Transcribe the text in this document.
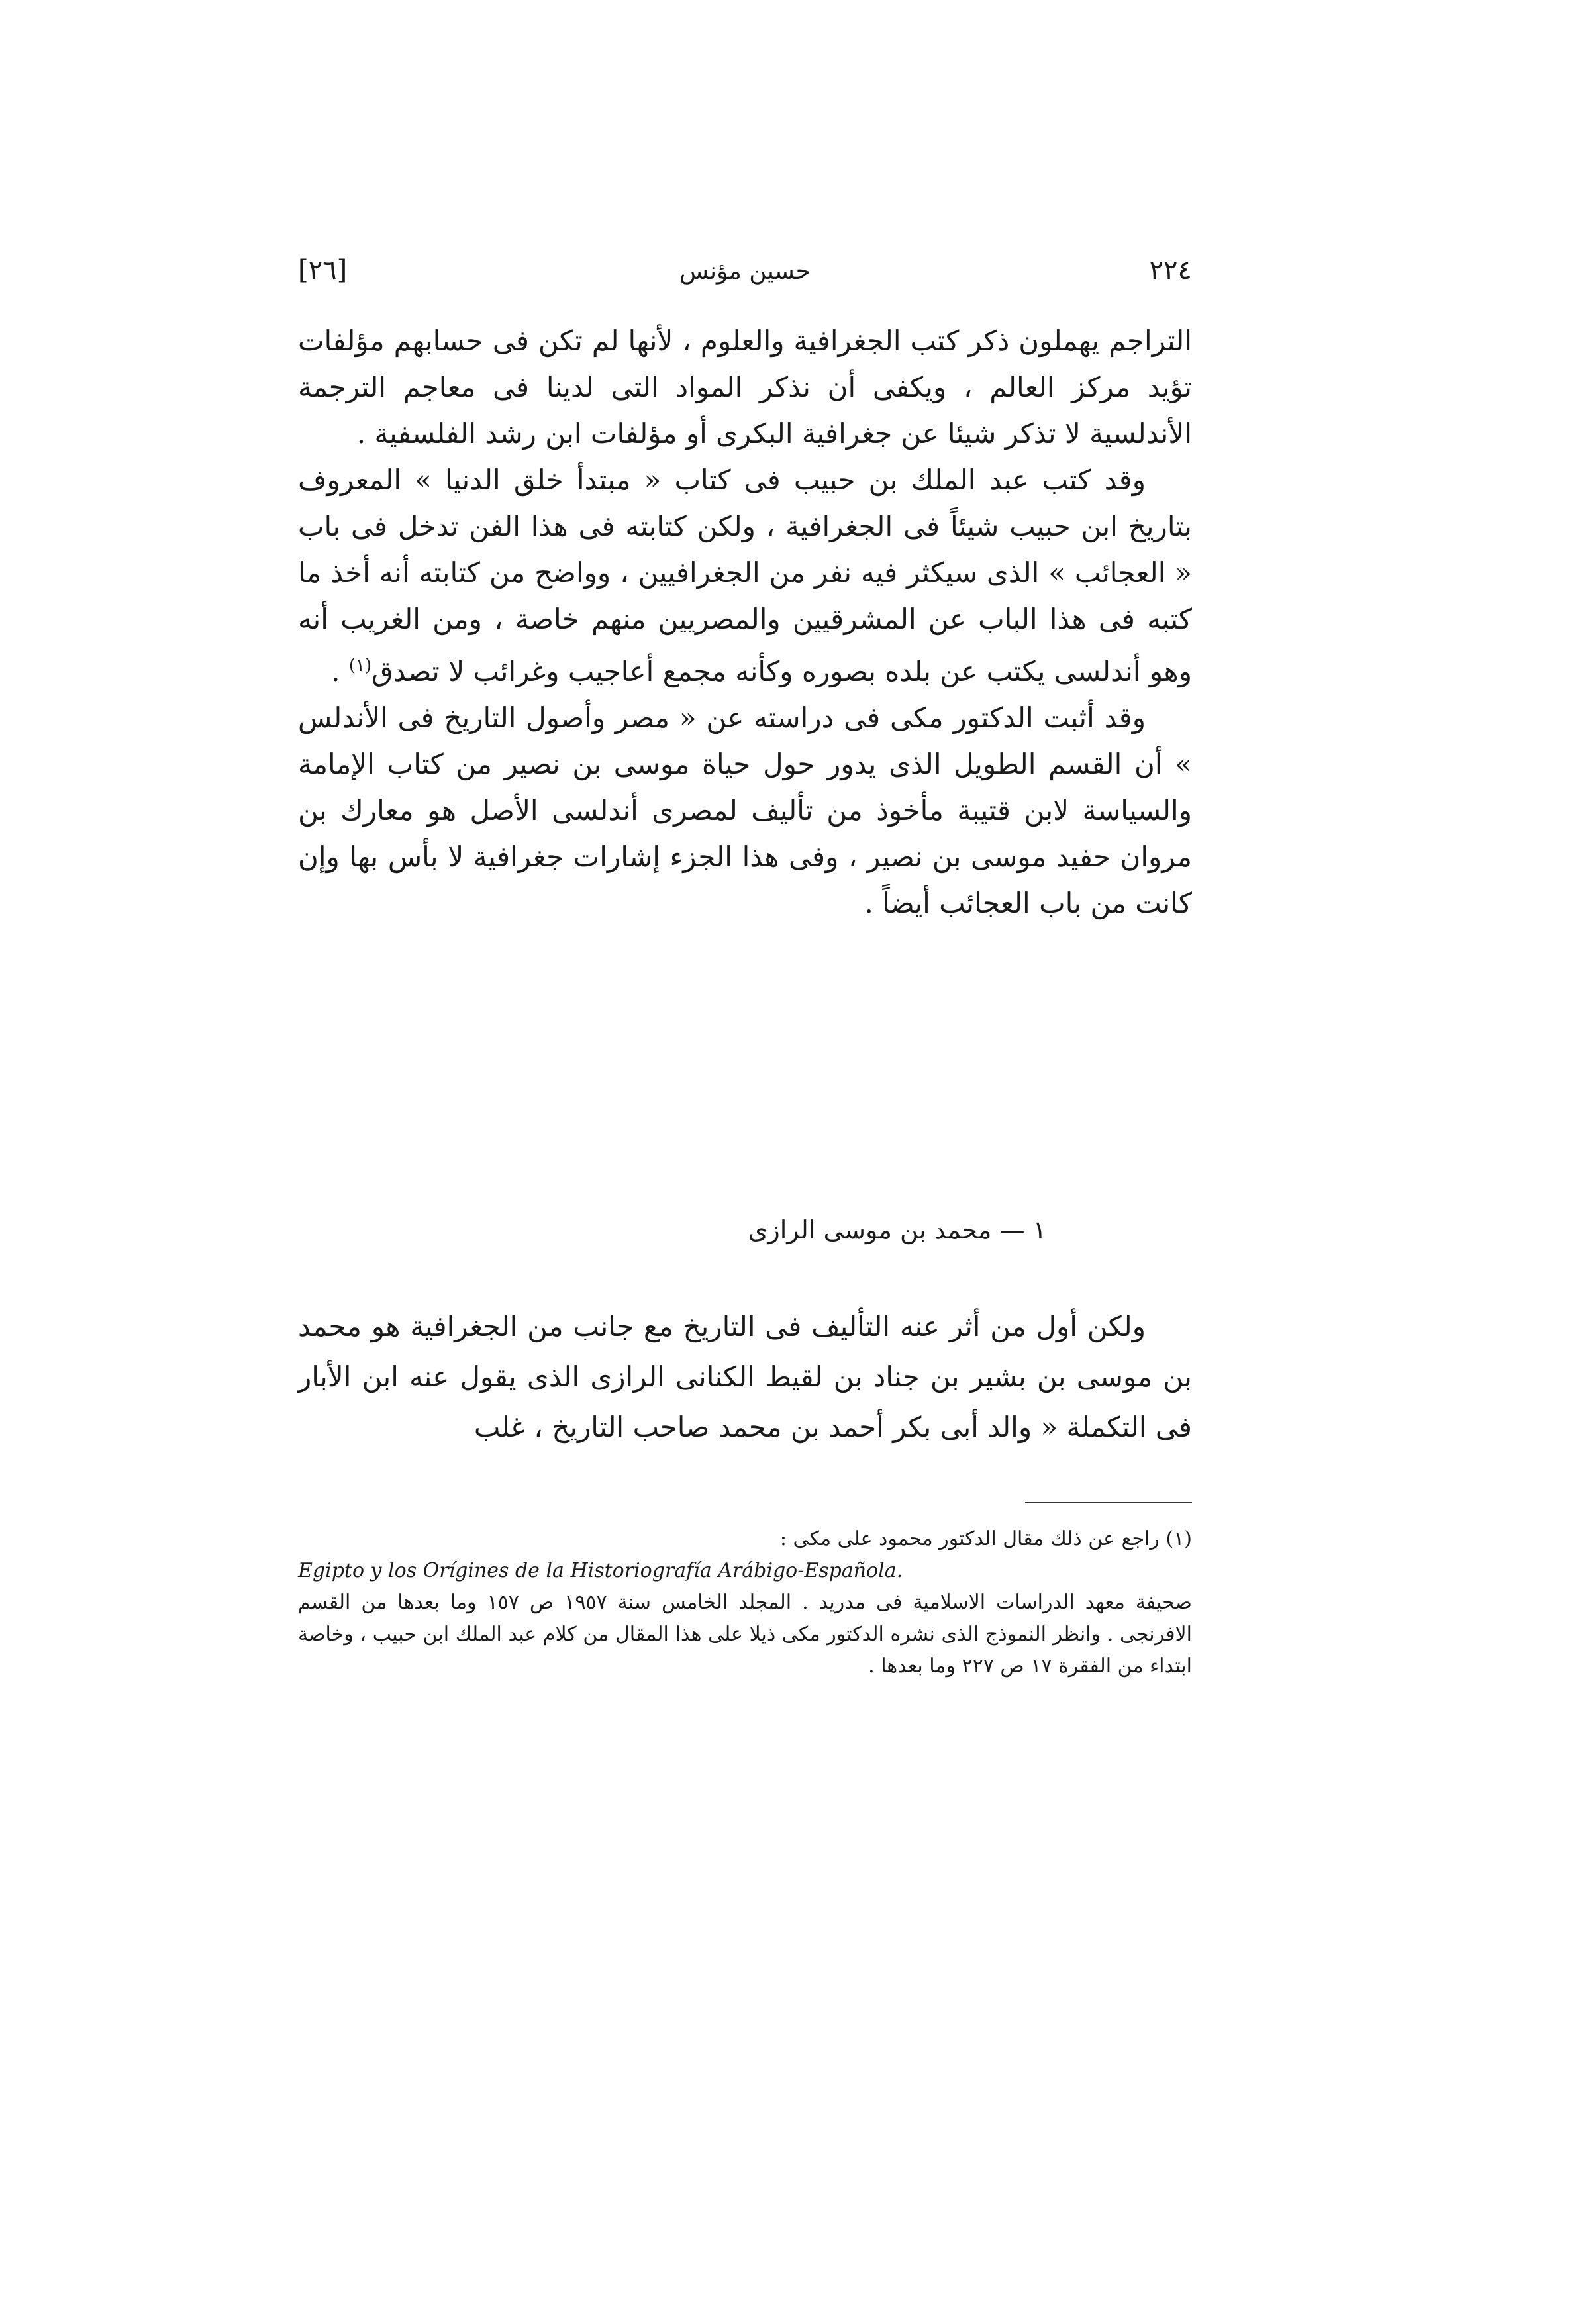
٢٢٤
حسين مؤنس
[٢٦]

التراجم يهملون ذكر كتب الجغرافية والعلوم ، لأنها لم تكن فى حسابهم مؤلفات تؤيد مركز العالم ، ويكفى أن نذكر المواد التى لدينا فى معاجم الترجمة الأندلسية لا تذكر شيئا عن جغرافية البكرى أو مؤلفات ابن رشد الفلسفية .

وقد كتب عبد الملك بن حبيب فى كتاب « مبتدأ خلق الدنيا » المعروف بتاريخ ابن حبيب شيئاً فى الجغرافية ، ولكن كتابته فى هذا الفن تدخل فى باب « العجائب » الذى سيكثر فيه نفر من الجغرافيين ، وواضح من كتابته أنه أخذ ما كتبه فى هذا الباب عن المشرقيين والمصريين منهم خاصة ، ومن الغريب أنه وهو أندلسى يكتب عن بلده بصوره وكأنه مجمع أعاجيب وغرائب لا تصدق$^{(١)}$ .

وقد أثبت الدكتور مكى فى دراسته عن « مصر وأصول التاريخ فى الأندلس » أن القسم الطويل الذى يدور حول حياة موسى بن نصير من كتاب الإمامة والسياسة لابن قتيبة مأخوذ من تأليف لمصرى أندلسى الأصل هو معارك بن مروان حفيد موسى بن نصير ، وفى هذا الجزء إشارات جغرافية لا بأس بها وإن كانت من باب العجائب أيضاً .

١ — محمد بن موسى الرازى

ولكن أول من أثر عنه التأليف فى التاريخ مع جانب من الجغرافية هو محمد بن موسى بن بشير بن جناد بن لقيط الكنانى الرازى الذى يقول عنه ابن الأبار فى التكملة « والد أبى بكر أحمد بن محمد صاحب التاريخ ، غلب

(١) راجع عن ذلك مقال الدكتور محمود على مكى :

Egipto y los Orígines de la Historiografía Arábigo-Española.

صحيفة معهد الدراسات الاسلامية فى مدريد . المجلد الخامس سنة ١٩٥٧ ص ١٥٧ وما بعدها من القسم الافرنجى . وانظر النموذج الذى نشره الدكتور مكى ذيلا على هذا المقال من كلام عبد الملك ابن حبيب ، وخاصة ابتداء من الفقرة ١٧ ص ٢٢٧ وما بعدها .
